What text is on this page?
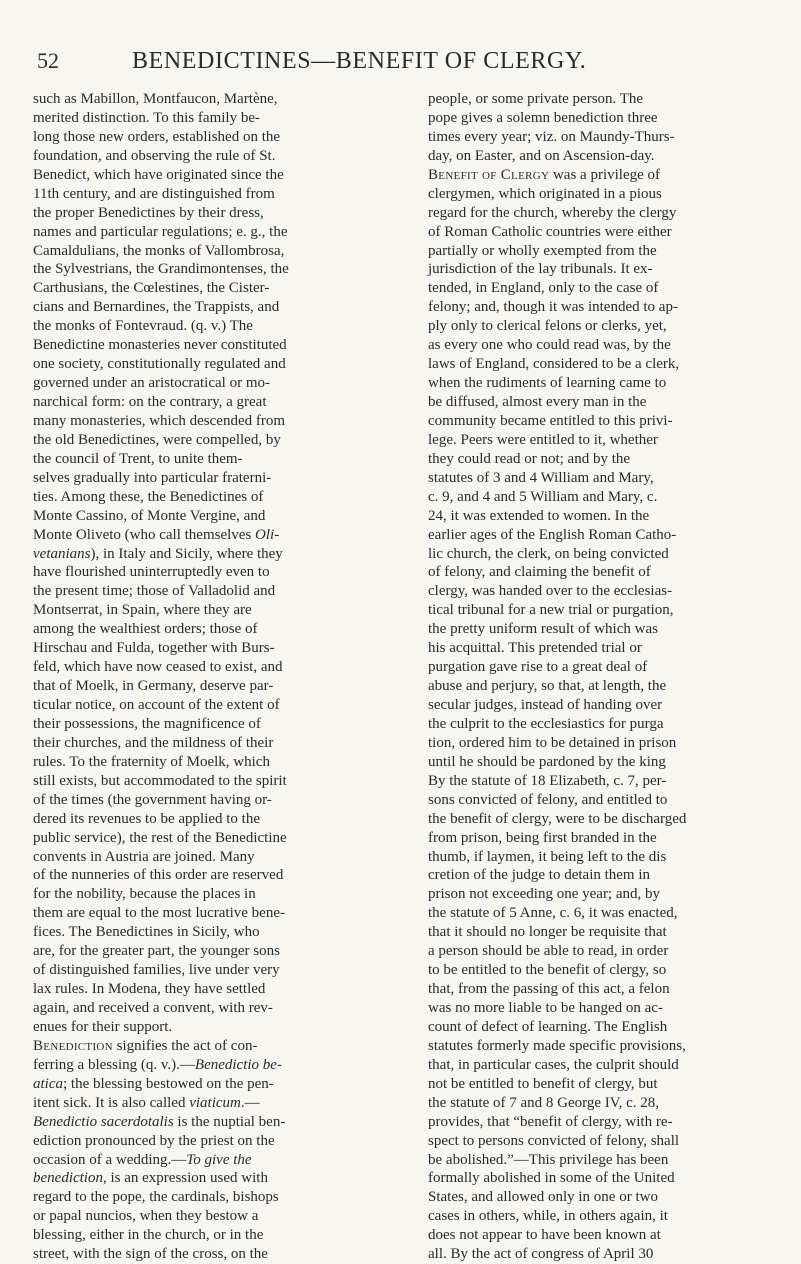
52	BENEDICTINES—BENEFIT OF CLERGY.
such as Mabillon, Montfaucon, Martène,
merited distinction. To this family be-
long those new orders, established on the
foundation, and observing the rule of St.
Benedict, which have originated since the
11th century, and are distinguished from
the proper Benedictines by their dress,
names and particular regulations; e. g., the
Camaldulians, the monks of Vallombrosa,
the Sylvestrians, the Grandimontenses, the
Carthusians, the Cœlestines, the Cister-
cians and Bernardines, the Trappists, and
the monks of Fontevraud. (q. v.) The
Benedictine monasteries never constituted
one society, constitutionally regulated and
governed under an aristocratical or mo-
narchical form: on the contrary, a great
many monasteries, which descended from
the old Benedictines, were compelled, by
the council of Trent, to unite them-
selves gradually into particular fraterni-
ties. Among these, the Benedictines of
Monte Cassino, of Monte Vergine, and
Monte Oliveto (who call themselves Oli-
vetanians), in Italy and Sicily, where they
have flourished uninterruptedly even to
the present time; those of Valladolid and
Montserrat, in Spain, where they are
among the wealthiest orders; those of
Hirschau and Fulda, together with Burs-
feld, which have now ceased to exist, and
that of Moelk, in Germany, deserve par-
ticular notice, on account of the extent of
their possessions, the magnificence of
their churches, and the mildness of their
rules. To the fraternity of Moelk, which
still exists, but accommodated to the spirit
of the times (the government having or-
dered its revenues to be applied to the
public service), the rest of the Benedictine
convents in Austria are joined. Many
of the nunneries of this order are reserved
for the nobility, because the places in
them are equal to the most lucrative bene-
fices. The Benedictines in Sicily, who
are, for the greater part, the younger sons
of distinguished families, live under very
lax rules. In Modena, they have settled
again, and received a convent, with rev-
enues for their support.
Benediction signifies the act of con-
ferring a blessing (q. v.).—Benedictio be-
atica; the blessing bestowed on the pen-
itent sick. It is also called viaticum.—
Benedictio sacerdotalis is the nuptial ben-
ediction pronounced by the priest on the
occasion of a wedding.—To give the
benediction, is an expression used with
regard to the pope, the cardinals, bishops
or papal nuncios, when they bestow a
blessing, either in the church, or in the
street, with the sign of the cross, on the
people, or some private person. The
pope gives a solemn benediction three
times every year; viz. on Maundy-Thurs-
day, on Easter, and on Ascension-day.
Benefit of Clergy was a privilege of
clergymen, which originated in a pious
regard for the church, whereby the clergy
of Roman Catholic countries were either
partially or wholly exempted from the
jurisdiction of the lay tribunals. It ex-
tended, in England, only to the case of
felony; and, though it was intended to ap-
ply only to clerical felons or clerks, yet,
as every one who could read was, by the
laws of England, considered to be a clerk,
when the rudiments of learning came to
be diffused, almost every man in the
community became entitled to this privi-
lege. Peers were entitled to it, whether
they could read or not; and by the
statutes of 3 and 4 William and Mary,
c. 9, and 4 and 5 William and Mary, c.
24, it was extended to women. In the
earlier ages of the English Roman Catho-
lic church, the clerk, on being convicted
of felony, and claiming the benefit of
clergy, was handed over to the ecclesias-
tical tribunal for a new trial or purgation,
the pretty uniform result of which was
his acquittal. This pretended trial or
purgation gave rise to a great deal of
abuse and perjury, so that, at length, the
secular judges, instead of handing over
the culprit to the ecclesiastics for purga
tion, ordered him to be detained in prison
until he should be pardoned by the king
By the statute of 18 Elizabeth, c. 7, per-
sons convicted of felony, and entitled to
the benefit of clergy, were to be discharged
from prison, being first branded in the
thumb, if laymen, it being left to the dis
cretion of the judge to detain them in
prison not exceeding one year; and, by
the statute of 5 Anne, c. 6, it was enacted,
that it should no longer be requisite that
a person should be able to read, in order
to be entitled to the benefit of clergy, so
that, from the passing of this act, a felon
was no more liable to be hanged on ac-
count of defect of learning. The English
statutes formerly made specific provisions,
that, in particular cases, the culprit should
not be entitled to benefit of clergy, but
the statute of 7 and 8 George IV, c. 28,
provides, that “benefit of clergy, with re-
spect to persons convicted of felony, shall
be abolished.”—This privilege has been
formally abolished in some of the United
States, and allowed only in one or two
cases in others, while, in others again, it
does not appear to have been known at
all. By the act of congress of April 30
